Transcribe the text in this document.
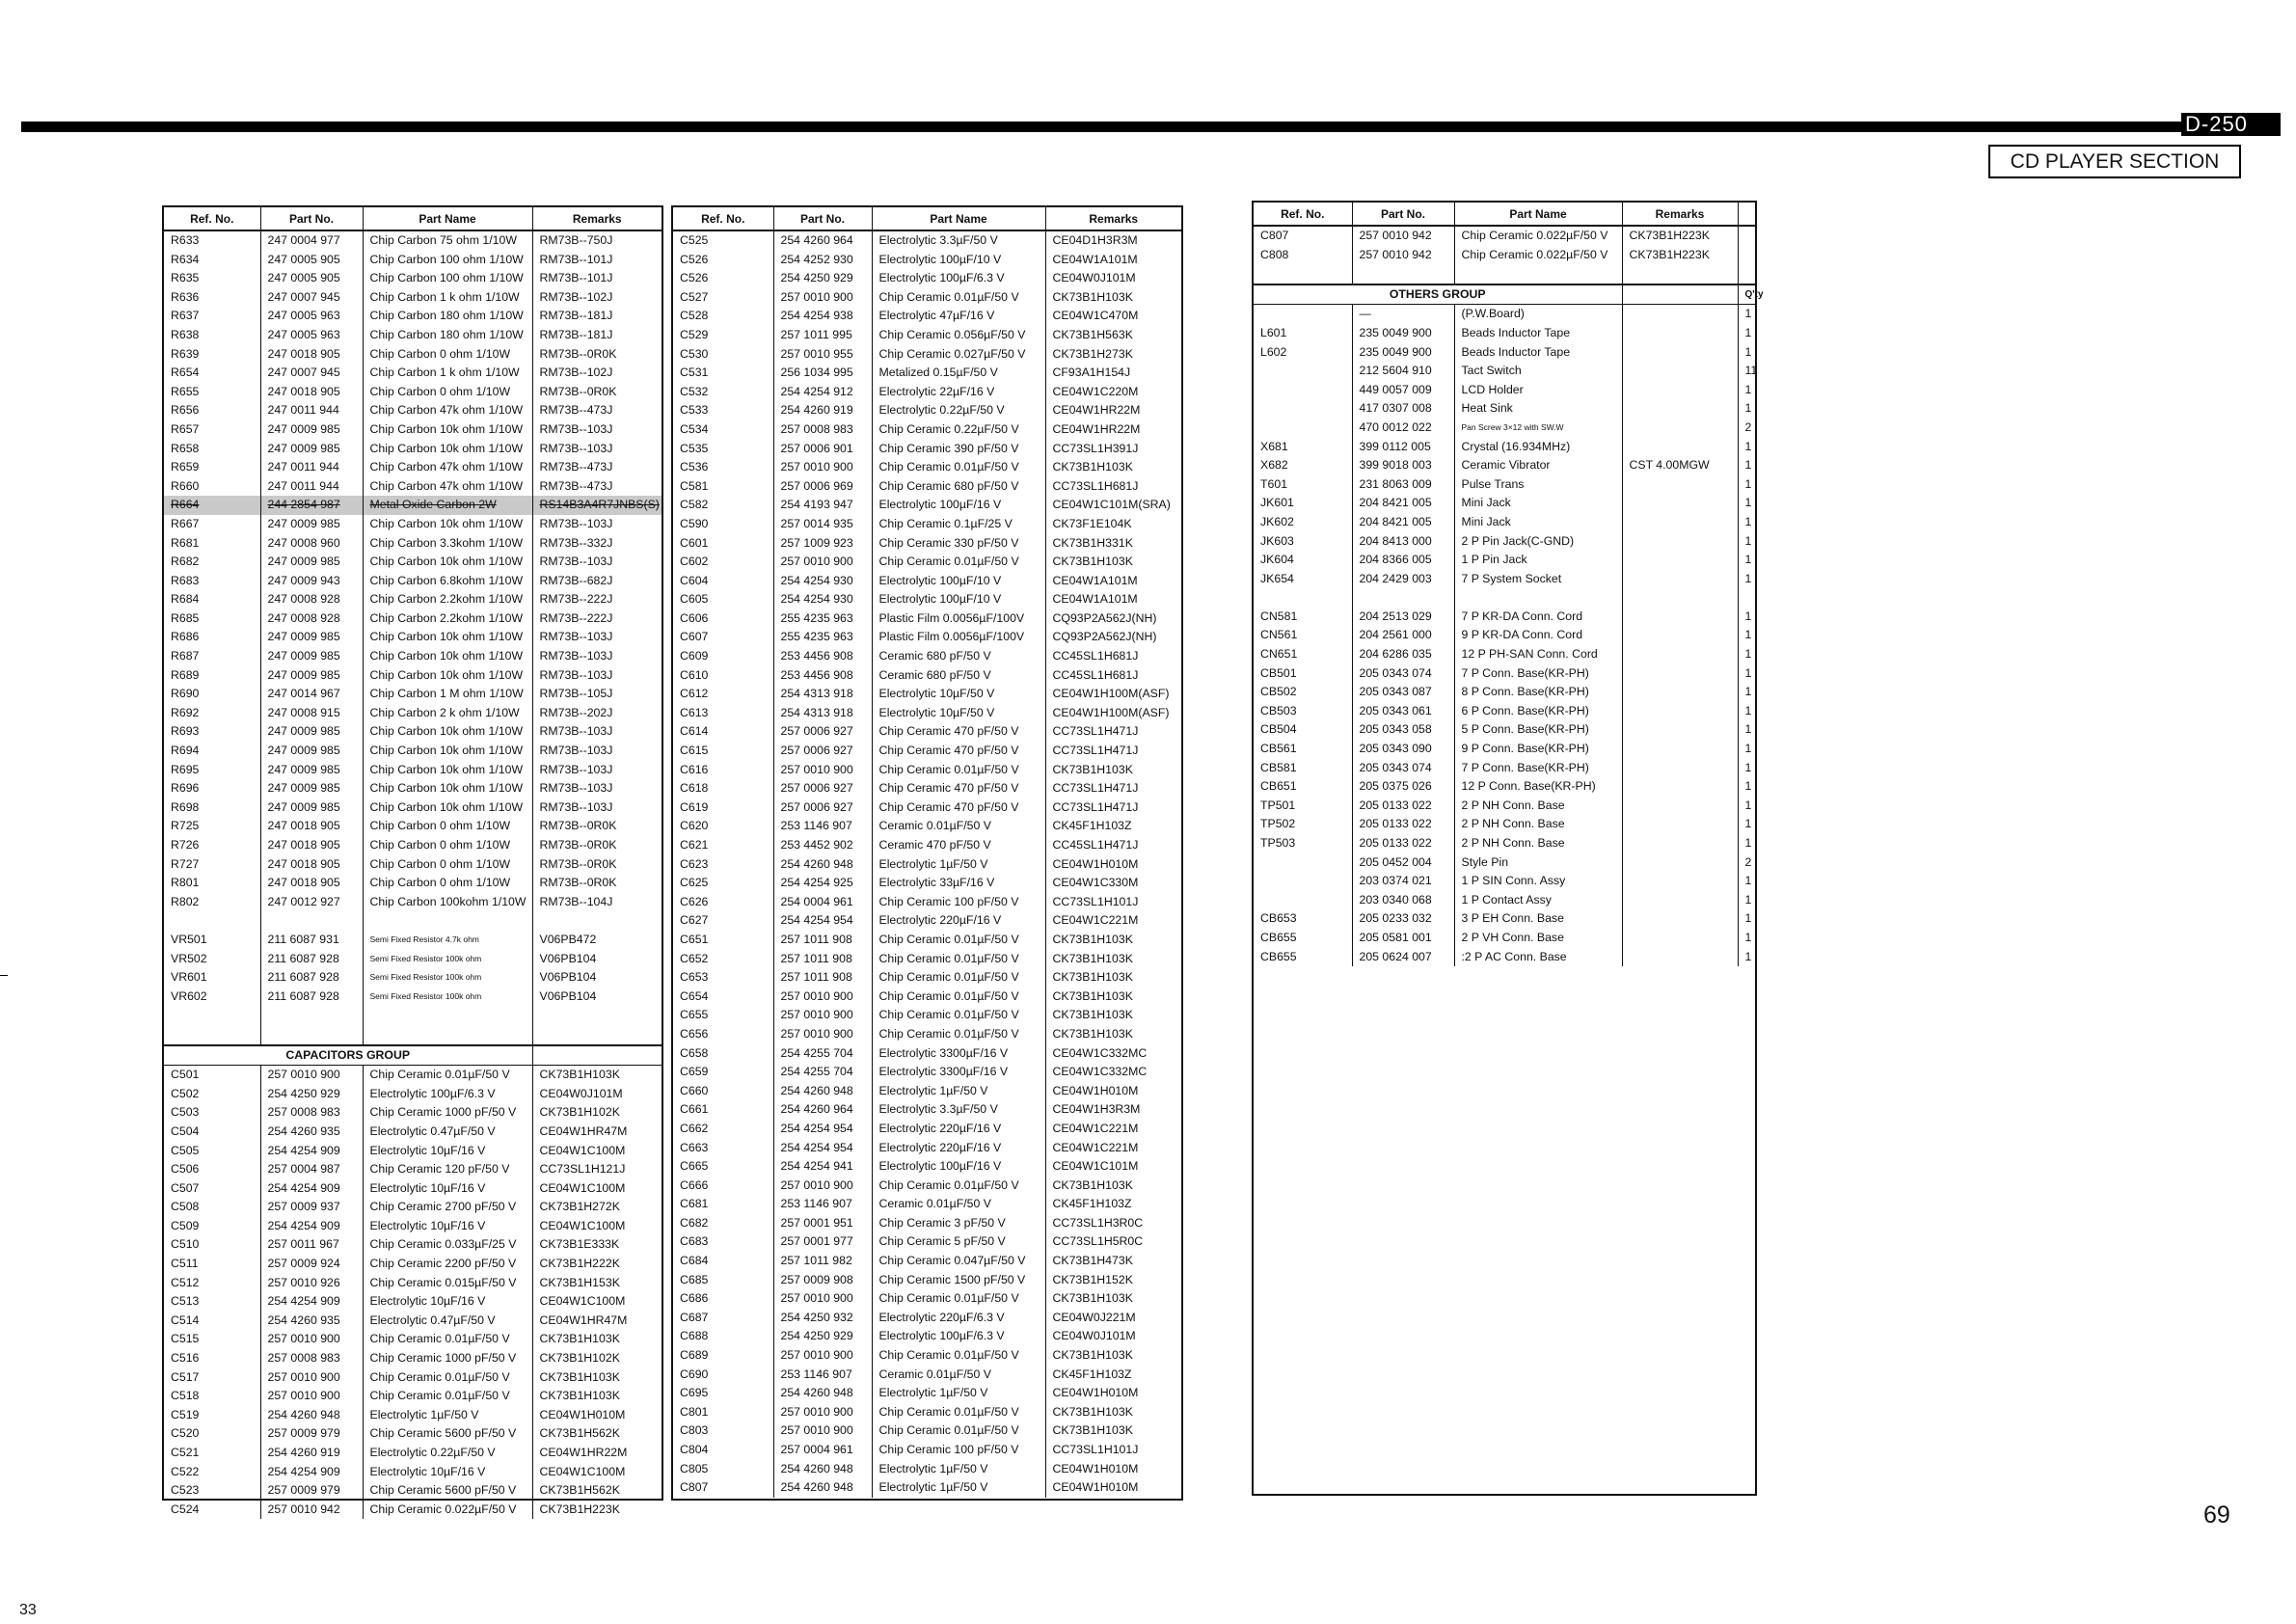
D-250
CD PLAYER SECTION
Ref. No.	Part No.	Part Name	Remarks
R633	247 0004 977	Chip Carbon 75 ohm 1/10W	RM73B--750J
R634	247 0005 905	Chip Carbon 100 ohm 1/10W	RM73B--101J
R635	247 0005 905	Chip Carbon 100 ohm 1/10W	RM73B--101J
R636	247 0007 945	Chip Carbon 1 k ohm 1/10W	RM73B--102J
R637	247 0005 963	Chip Carbon 180 ohm 1/10W	RM73B--181J
R638	247 0005 963	Chip Carbon 180 ohm 1/10W	RM73B--181J
R639	247 0018 905	Chip Carbon 0 ohm 1/10W	RM73B--0R0K
R654	247 0007 945	Chip Carbon 1 k ohm 1/10W	RM73B--102J
R655	247 0018 905	Chip Carbon 0 ohm 1/10W	RM73B--0R0K
R656	247 0011 944	Chip Carbon 47k ohm 1/10W	RM73B--473J
R657	247 0009 985	Chip Carbon 10k ohm 1/10W	RM73B--103J
R658	247 0009 985	Chip Carbon 10k ohm 1/10W	RM73B--103J
R659	247 0011 944	Chip Carbon 47k ohm 1/10W	RM73B--473J
R660	247 0011 944	Chip Carbon 47k ohm 1/10W	RM73B--473J
R664	244 2854 987	Metal Oxide Carbon 2W	RS14B3A4R7JNBS(S)
R667	247 0009 985	Chip Carbon 10k ohm 1/10W	RM73B--103J
R681	247 0008 960	Chip Carbon 3.3kohm 1/10W	RM73B--332J
R682	247 0009 985	Chip Carbon 10k ohm 1/10W	RM73B--103J
R683	247 0009 943	Chip Carbon 6.8kohm 1/10W	RM73B--682J
R684	247 0008 928	Chip Carbon 2.2kohm 1/10W	RM73B--222J
R685	247 0008 928	Chip Carbon 2.2kohm 1/10W	RM73B--222J
R686	247 0009 985	Chip Carbon 10k ohm 1/10W	RM73B--103J
R687	247 0009 985	Chip Carbon 10k ohm 1/10W	RM73B--103J
R689	247 0009 985	Chip Carbon 10k ohm 1/10W	RM73B--103J
R690	247 0014 967	Chip Carbon 1 M ohm 1/10W	RM73B--105J
R692	247 0008 915	Chip Carbon 2 k ohm 1/10W	RM73B--202J
R693	247 0009 985	Chip Carbon 10k ohm 1/10W	RM73B--103J
R694	247 0009 985	Chip Carbon 10k ohm 1/10W	RM73B--103J
R695	247 0009 985	Chip Carbon 10k ohm 1/10W	RM73B--103J
R696	247 0009 985	Chip Carbon 10k ohm 1/10W	RM73B--103J
R698	247 0009 985	Chip Carbon 10k ohm 1/10W	RM73B--103J
R725	247 0018 905	Chip Carbon 0 ohm 1/10W	RM73B--0R0K
R726	247 0018 905	Chip Carbon 0 ohm 1/10W	RM73B--0R0K
R727	247 0018 905	Chip Carbon 0 ohm 1/10W	RM73B--0R0K
R801	247 0018 905	Chip Carbon 0 ohm 1/10W	RM73B--0R0K
R802	247 0012 927	Chip Carbon 100kohm 1/10W	RM73B--104J

VR501	211 6087 931	Semi Fixed Resistor 4.7k ohm	V06PB472
VR502	211 6087 928	Semi Fixed Resistor 100k ohm	V06PB104
VR601	211 6087 928	Semi Fixed Resistor 100k ohm	V06PB104
VR602	211 6087 928	Semi Fixed Resistor 100k ohm	V06PB104

CAPACITORS GROUP			
C501	257 0010 900	Chip Ceramic 0.01µF/50 V	CK73B1H103K
C502	254 4250 929	Electrolytic 100µF/6.3 V	CE04W0J101M
C503	257 0008 983	Chip Ceramic 1000 pF/50 V	CK73B1H102K
C504	254 4260 935	Electrolytic 0.47µF/50 V	CE04W1HR47M
C505	254 4254 909	Electrolytic 10µF/16 V	CE04W1C100M
C506	257 0004 987	Chip Ceramic 120 pF/50 V	CC73SL1H121J
C507	254 4254 909	Electrolytic 10µF/16 V	CE04W1C100M
C508	257 0009 937	Chip Ceramic 2700 pF/50 V	CK73B1H272K
C509	254 4254 909	Electrolytic 10µF/16 V	CE04W1C100M
C510	257 0011 967	Chip Ceramic 0.033µF/25 V	CK73B1E333K
C511	257 0009 924	Chip Ceramic 2200 pF/50 V	CK73B1H222K
C512	257 0010 926	Chip Ceramic 0.015µF/50 V	CK73B1H153K
C513	254 4254 909	Electrolytic 10µF/16 V	CE04W1C100M
C514	254 4260 935	Electrolytic 0.47µF/50 V	CE04W1HR47M
C515	257 0010 900	Chip Ceramic 0.01µF/50 V	CK73B1H103K
C516	257 0008 983	Chip Ceramic 1000 pF/50 V	CK73B1H102K
C517	257 0010 900	Chip Ceramic 0.01µF/50 V	CK73B1H103K
C518	257 0010 900	Chip Ceramic 0.01µF/50 V	CK73B1H103K
C519	254 4260 948	Electrolytic 1µF/50 V	CE04W1H010M
C520	257 0009 979	Chip Ceramic 5600 pF/50 V	CK73B1H562K
C521	254 4260 919	Electrolytic 0.22µF/50 V	CE04W1HR22M
C522	254 4254 909	Electrolytic 10µF/16 V	CE04W1C100M
C523	257 0009 979	Chip Ceramic 5600 pF/50 V	CK73B1H562K
C524	257 0010 942	Chip Ceramic 0.022µF/50 V	CK73B1H223K
Ref. No.	Part No.	Part Name	Remarks
C525	254 4260 964	Electrolytic 3.3µF/50 V	CE04D1H3R3M
C526	254 4252 930	Electrolytic 100µF/10 V	CE04W1A101M
C526	254 4250 929	Electrolytic 100µF/6.3 V	CE04W0J101M
C527	257 0010 900	Chip Ceramic 0.01µF/50 V	CK73B1H103K
C528	254 4254 938	Electrolytic 47µF/16 V	CE04W1C470M
C529	257 1011 995	Chip Ceramic 0.056µF/50 V	CK73B1H563K
C530	257 0010 955	Chip Ceramic 0.027µF/50 V	CK73B1H273K
C531	256 1034 995	Metalized 0.15µF/50 V	CF93A1H154J
C532	254 4254 912	Electrolytic 22µF/16 V	CE04W1C220M
C533	254 4260 919	Electrolytic 0.22µF/50 V	CE04W1HR22M
C534	257 0008 983	Chip Ceramic 0.22µF/50 V	CE04W1HR22M
C535	257 0006 901	Chip Ceramic 390 pF/50 V	CC73SL1H391J
C536	257 0010 900	Chip Ceramic 0.01µF/50 V	CK73B1H103K
C581	257 0006 969	Chip Ceramic 680 pF/50 V	CC73SL1H681J
C582	254 4193 947	Electrolytic 100µF/16 V	CE04W1C101M(SRA)
C590	257 0014 935	Chip Ceramic 0.1µF/25 V	CK73F1E104K
C601	257 1009 923	Chip Ceramic 330 pF/50 V	CK73B1H331K
C602	257 0010 900	Chip Ceramic 0.01µF/50 V	CK73B1H103K
C604	254 4254 930	Electrolytic 100µF/10 V	CE04W1A101M
C605	254 4254 930	Electrolytic 100µF/10 V	CE04W1A101M
C606	255 4235 963	Plastic Film 0.0056µF/100V	CQ93P2A562J(NH)
C607	255 4235 963	Plastic Film 0.0056µF/100V	CQ93P2A562J(NH)
C609	253 4456 908	Ceramic 680 pF/50 V	CC45SL1H681J
C610	253 4456 908	Ceramic 680 pF/50 V	CC45SL1H681J
C612	254 4313 918	Electrolytic 10µF/50 V	CE04W1H100M(ASF)
C613	254 4313 918	Electrolytic 10µF/50 V	CE04W1H100M(ASF)
C614	257 0006 927	Chip Ceramic 470 pF/50 V	CC73SL1H471J
C615	257 0006 927	Chip Ceramic 470 pF/50 V	CC73SL1H471J
C616	257 0010 900	Chip Ceramic 0.01µF/50 V	CK73B1H103K
C618	257 0006 927	Chip Ceramic 470 pF/50 V	CC73SL1H471J
C619	257 0006 927	Chip Ceramic 470 pF/50 V	CC73SL1H471J
C620	253 1146 907	Ceramic 0.01µF/50 V	CK45F1H103Z
C621	253 4452 902	Ceramic 470 pF/50 V	CC45SL1H471J
C623	254 4260 948	Electrolytic 1µF/50 V	CE04W1H010M
C625	254 4254 925	Electrolytic 33µF/16 V	CE04W1C330M
C626	254 0004 961	Chip Ceramic 100 pF/50 V	CC73SL1H101J
C627	254 4254 954	Electrolytic 220µF/16 V	CE04W1C221M
C651	257 1011 908	Chip Ceramic 0.01µF/50 V	CK73B1H103K
C652	257 1011 908	Chip Ceramic 0.01µF/50 V	CK73B1H103K
C653	257 1011 908	Chip Ceramic 0.01µF/50 V	CK73B1H103K
C654	257 0010 900	Chip Ceramic 0.01µF/50 V	CK73B1H103K
C655	257 0010 900	Chip Ceramic 0.01µF/50 V	CK73B1H103K
C656	257 0010 900	Chip Ceramic 0.01µF/50 V	CK73B1H103K
C658	254 4255 704	Electrolytic 3300µF/16 V	CE04W1C332MC
C659	254 4255 704	Electrolytic 3300µF/16 V	CE04W1C332MC
C660	254 4260 948	Electrolytic 1µF/50 V	CE04W1H010M
C661	254 4260 964	Electrolytic 3.3µF/50 V	CE04W1H3R3M
C662	254 4254 954	Electrolytic 220µF/16 V	CE04W1C221M
C663	254 4254 954	Electrolytic 220µF/16 V	CE04W1C221M
C665	254 4254 941	Electrolytic 100µF/16 V	CE04W1C101M
C666	257 0010 900	Chip Ceramic 0.01µF/50 V	CK73B1H103K
C681	253 1146 907	Ceramic 0.01µF/50 V	CK45F1H103Z
C682	257 0001 951	Chip Ceramic 3 pF/50 V	CC73SL1H3R0C
C683	257 0001 977	Chip Ceramic 5 pF/50 V	CC73SL1H5R0C
C684	257 1011 982	Chip Ceramic 0.047µF/50 V	CK73B1H473K
C685	257 0009 908	Chip Ceramic 1500 pF/50 V	CK73B1H152K
C686	257 0010 900	Chip Ceramic 0.01µF/50 V	CK73B1H103K
C687	254 4250 932	Electrolytic 220µF/6.3 V	CE04W0J221M
C688	254 4250 929	Electrolytic 100µF/6.3 V	CE04W0J101M
C689	257 0010 900	Chip Ceramic 0.01µF/50 V	CK73B1H103K
C690	253 1146 907	Ceramic 0.01µF/50 V	CK45F1H103Z
C695	254 4260 948	Electrolytic 1µF/50 V	CE04W1H010M
C801	257 0010 900	Chip Ceramic 0.01µF/50 V	CK73B1H103K
C803	257 0010 900	Chip Ceramic 0.01µF/50 V	CK73B1H103K
C804	257 0004 961	Chip Ceramic 100 pF/50 V	CC73SL1H101J
C805	254 4260 948	Electrolytic 1µF/50 V	CE04W1H010M
C807	254 4260 948	Electrolytic 1µF/50 V	CE04W1H010M
Ref. No.	Part No.	Part Name	Remarks	
C807	257 0010 942	Chip Ceramic 0.022µF/50 V	CK73B1H223K	
C808	257 0010 942	Chip Ceramic 0.022µF/50 V	CK73B1H223K	

OTHERS GROUP				Q'ty
	—	(P.W.Board)		1
L601	235 0049 900	Beads Inductor Tape		1
L602	235 0049 900	Beads Inductor Tape		1
	212 5604 910	Tact Switch		11
	449 0057 009	LCD Holder		1
	417 0307 008	Heat Sink		1
	470 0012 022	Pan Screw 3×12 with SW.W		2
X681	399 0112 005	Crystal (16.934MHz)		1
X682	399 9018 003	Ceramic Vibrator	CST 4.00MGW	1
T601	231 8063 009	Pulse Trans		1
JK601	204 8421 005	Mini Jack		1
JK602	204 8421 005	Mini Jack		1
JK603	204 8413 000	2 P Pin Jack(C-GND)		1
JK604	204 8366 005	1 P Pin Jack		1
JK654	204 2429 003	7 P System Socket		1

CN581	204 2513 029	7 P KR-DA Conn. Cord		1
CN561	204 2561 000	9 P KR-DA Conn. Cord		1
CN651	204 6286 035	12 P PH-SAN Conn. Cord		1
CB501	205 0343 074	7 P Conn. Base(KR-PH)		1
CB502	205 0343 087	8 P Conn. Base(KR-PH)		1
CB503	205 0343 061	6 P Conn. Base(KR-PH)		1
CB504	205 0343 058	5 P Conn. Base(KR-PH)		1
CB561	205 0343 090	9 P Conn. Base(KR-PH)		1
CB581	205 0343 074	7 P Conn. Base(KR-PH)		1
CB651	205 0375 026	12 P Conn. Base(KR-PH)		1
TP501	205 0133 022	2 P NH Conn. Base		1
TP502	205 0133 022	2 P NH Conn. Base		1
TP503	205 0133 022	2 P NH Conn. Base		1
	205 0452 004	Style Pin		2
	203 0374 021	1 P SIN Conn. Assy		1
	203 0340 068	1 P Contact Assy		1
CB653	205 0233 032	3 P EH Conn. Base		1
CB655	205 0581 001	2 P VH Conn. Base		1
CB655	205 0624 007	:2 P AC Conn. Base		1
69
33
